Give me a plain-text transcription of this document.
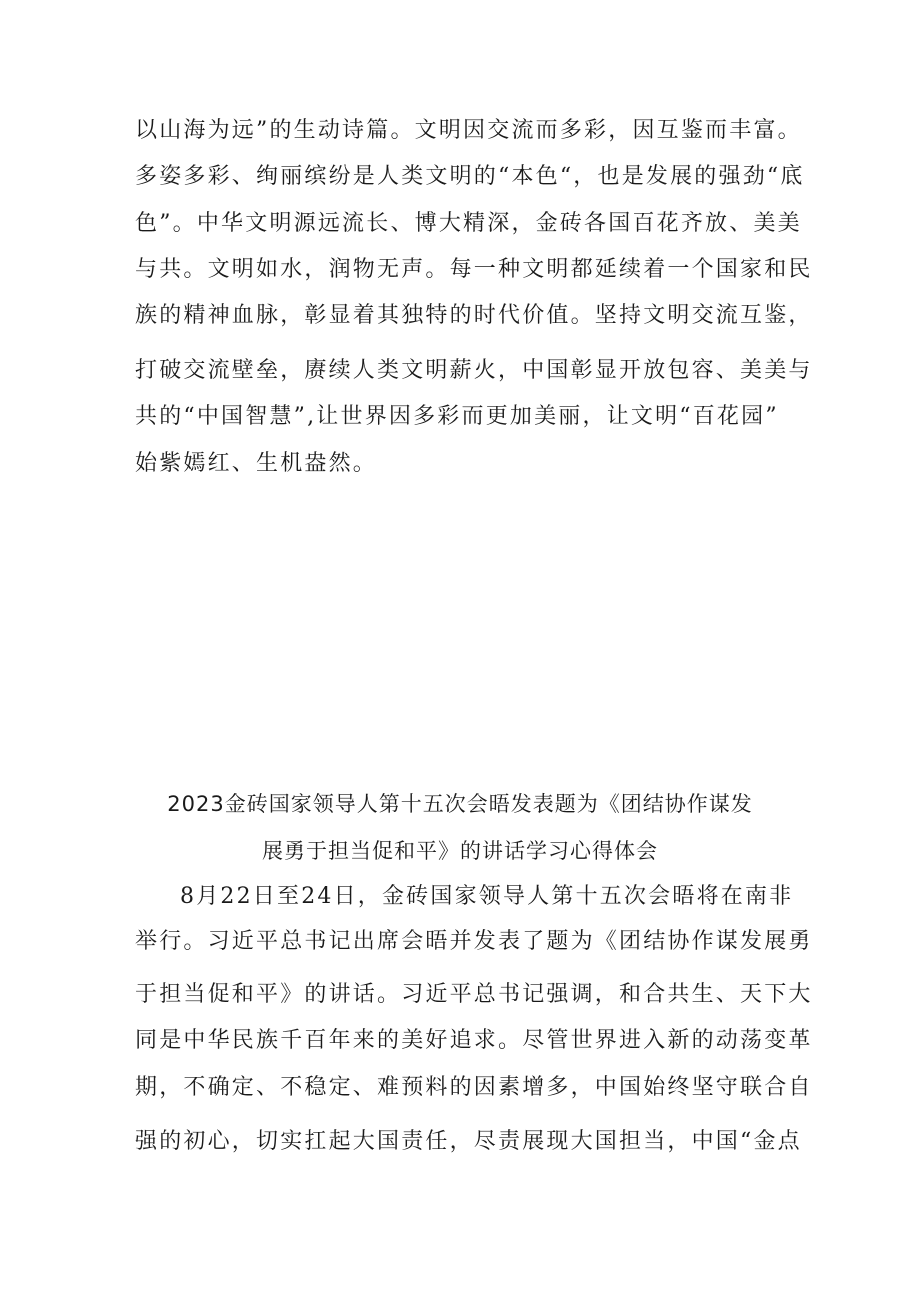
以山海为远”的生动诗篇。文明因交流而多彩，因互鉴而丰富。
多姿多彩、绚丽缤纷是人类文明的“本色“，也是发展的强劲“底
色”。中华文明源远流长、博大精深，金砖各国百花齐放、美美
与共。文明如水，润物无声。每一种文明都延续着一个国家和民
族的精神血脉，彰显着其独特的时代价值。坚持文明交流互鉴，
打破交流壁垒，赓续人类文明薪火，中国彰显开放包容、美美与
共的“中国智慧”,让世界因多彩而更加美丽，让文明“百花园”
始紫嫣红、生机盎然。
2023金砖国家领导人第十五次会晤发表题为《团结协作谋发
展勇于担当促和平》的讲话学习心得体会
8月22日至24日，金砖国家领导人第十五次会晤将在南非
举行。习近平总书记出席会晤并发表了题为《团结协作谋发展勇
于担当促和平》的讲话。习近平总书记强调，和合共生、天下大
同是中华民族千百年来的美好追求。尽管世界进入新的动荡变革
期，不确定、不稳定、难预料的因素增多，中国始终坚守联合自
强的初心，切实扛起大国责任，尽责展现大国担当，中国“金点
